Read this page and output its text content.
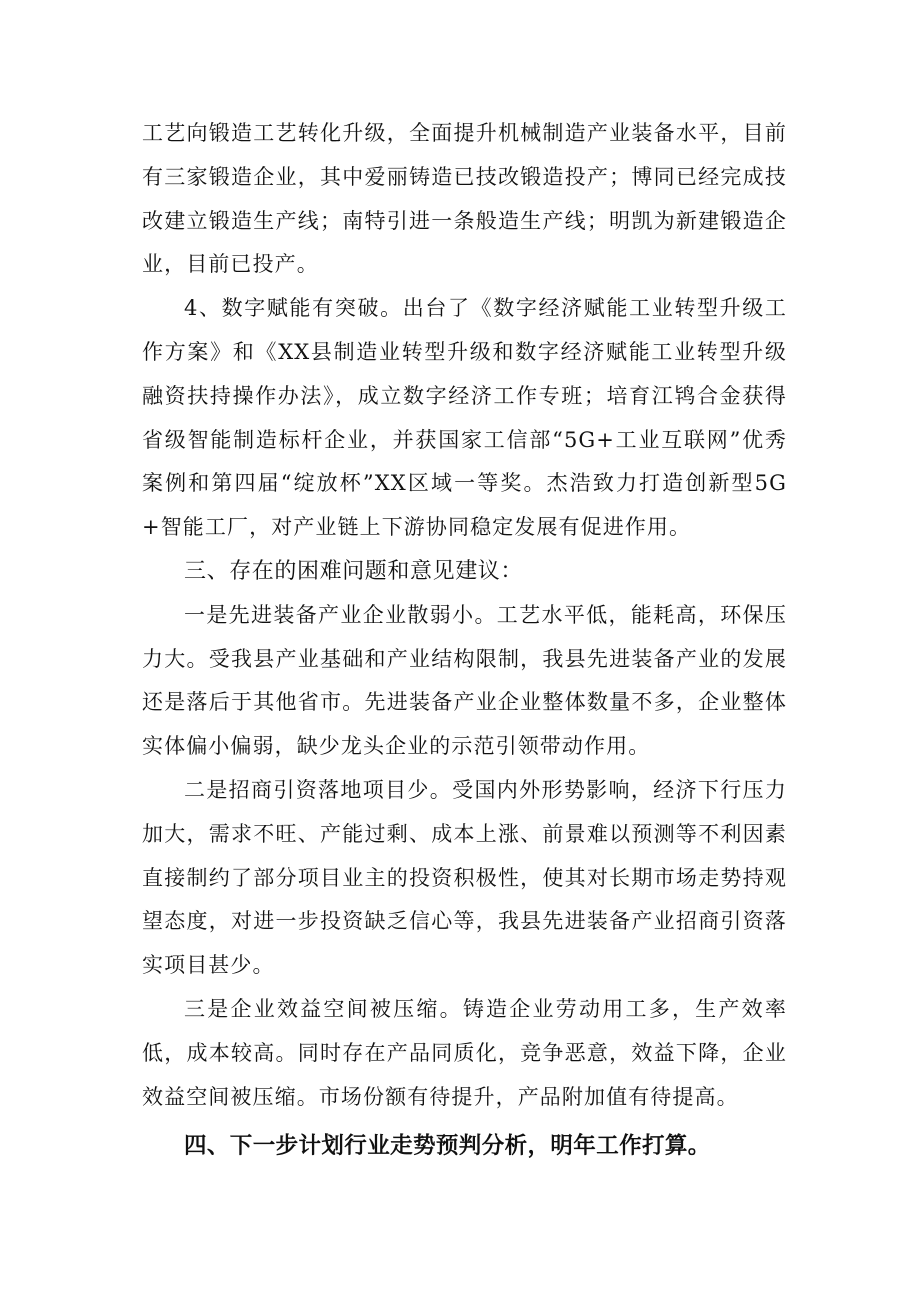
工艺向锻造工艺转化升级，全面提升机械制造产业装备水平，目前有三家锻造企业，其中爱丽铸造已技改锻造投产；博同已经完成技改建立锻造生产线；南特引进一条般造生产线；明凯为新建锻造企业，目前已投产。

4、数字赋能有突破。出台了《数字经济赋能工业转型升级工作方案》和《XX县制造业转型升级和数字经济赋能工业转型升级融资扶持操作办法》，成立数字经济工作专班；培育江鸨合金获得省级智能制造标杆企业，并获国家工信部“5G+工业互联网”优秀案例和第四届“绽放杯”XX区域一等奖。杰浩致力打造创新型5G+智能工厂，对产业链上下游协同稳定发展有促进作用。

三、存在的困难问题和意见建议：

一是先进装备产业企业散弱小。工艺水平低，能耗高，环保压力大。受我县产业基础和产业结构限制，我县先进装备产业的发展还是落后于其他省市。先进装备产业企业整体数量不多，企业整体实体偏小偏弱，缺少龙头企业的示范引领带动作用。

二是招商引资落地项目少。受国内外形势影响，经济下行压力加大，需求不旺、产能过剩、成本上涨、前景难以预测等不利因素直接制约了部分项目业主的投资积极性，使其对长期市场走势持观望态度，对进一步投资缺乏信心等，我县先进装备产业招商引资落实项目甚少。

三是企业效益空间被压缩。铸造企业劳动用工多，生产效率低，成本较高。同时存在产品同质化，竞争恶意，效益下降，企业效益空间被压缩。市场份额有待提升，产品附加值有待提高。

四、下一步计划行业走势预判分析，明年工作打算。
